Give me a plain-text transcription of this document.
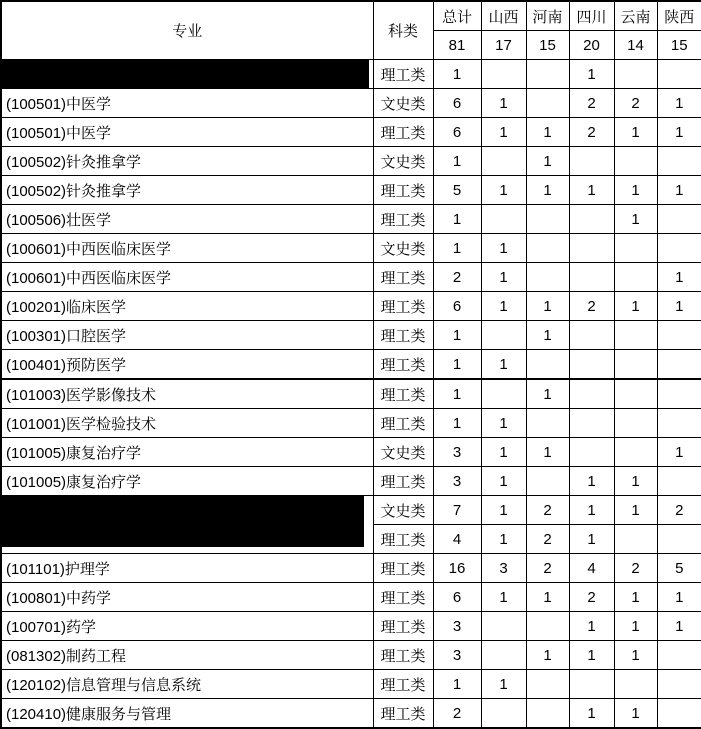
专业	科类	总计	山西	河南	四川	云南	陕西
		81	17	15	20	14	15
	理工类	1			1		
(100501)中医学	文史类	6	1		2	2	1
(100501)中医学	理工类	6	1	1	2	1	1
(100502)针灸推拿学	文史类	1		1			
(100502)针灸推拿学	理工类	5	1	1	1	1	1
(100506)壮医学	理工类	1				1	
(100601)中西医临床医学	文史类	1	1				
(100601)中西医临床医学	理工类	2	1				1
(100201)临床医学	理工类	6	1	1	2	1	1
(100301)口腔医学	理工类	1		1			
(100401)预防医学	理工类	1	1				
(101003)医学影像技术	理工类	1		1			
(101001)医学检验技术	理工类	1	1				
(101005)康复治疗学	文史类	3	1	1			1
(101005)康复治疗学	理工类	3	1		1	1	
	文史类	7	1	2	1	1	2
	理工类	4	1	2	1		
(101101)护理学	理工类	16	3	2	4	2	5
(100801)中药学	理工类	6	1	1	2	1	1
(100701)药学	理工类	3			1	1	1
(081302)制药工程	理工类	3		1	1	1	
(120102)信息管理与信息系统	理工类	1	1				
(120410)健康服务与管理	理工类	2			1	1	
